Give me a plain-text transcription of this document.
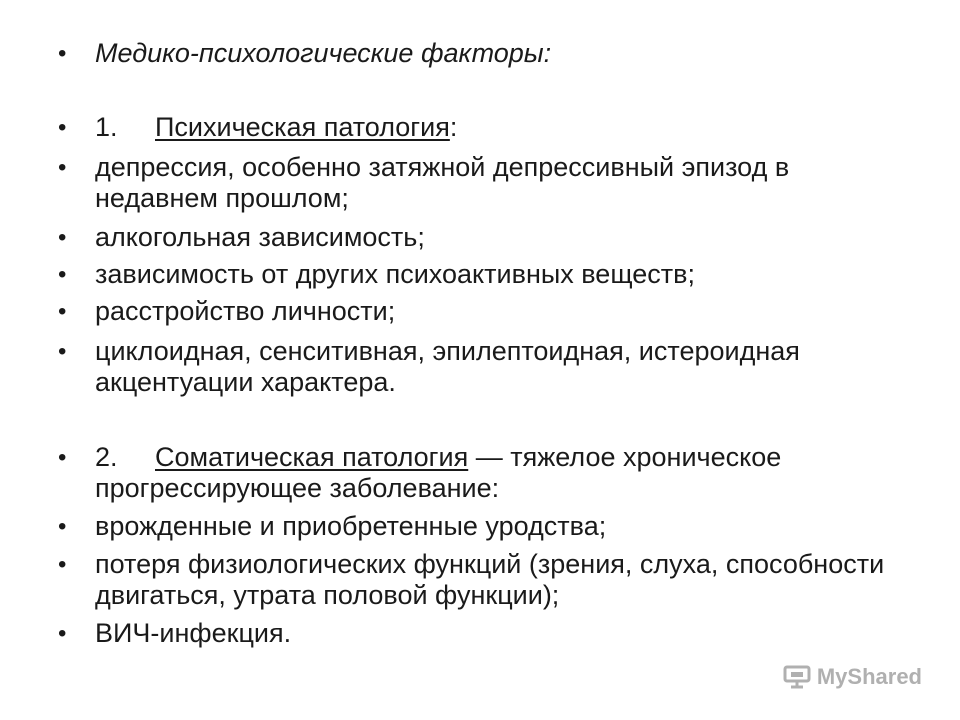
•	Медико-психологические факторы:
•	1. Психическая патология:
•	депрессия, особенно затяжной депрессивный эпизод в недавнем прошлом;
•	алкогольная зависимость;
•	зависимость от других психоактивных веществ;
•	расстройство личности;
•	циклоидная, сенситивная, эпилептоидная, истероидная акцентуации характера.
•	2. Соматическая патология — тяжелое хроническое прогрессирующее заболевание:
•	врожденные и приобретенные уродства;
•	потеря физиологических функций (зрения, слуха, способности двигаться, утрата половой функции);
•	ВИЧ-инфекция.
MyShared
